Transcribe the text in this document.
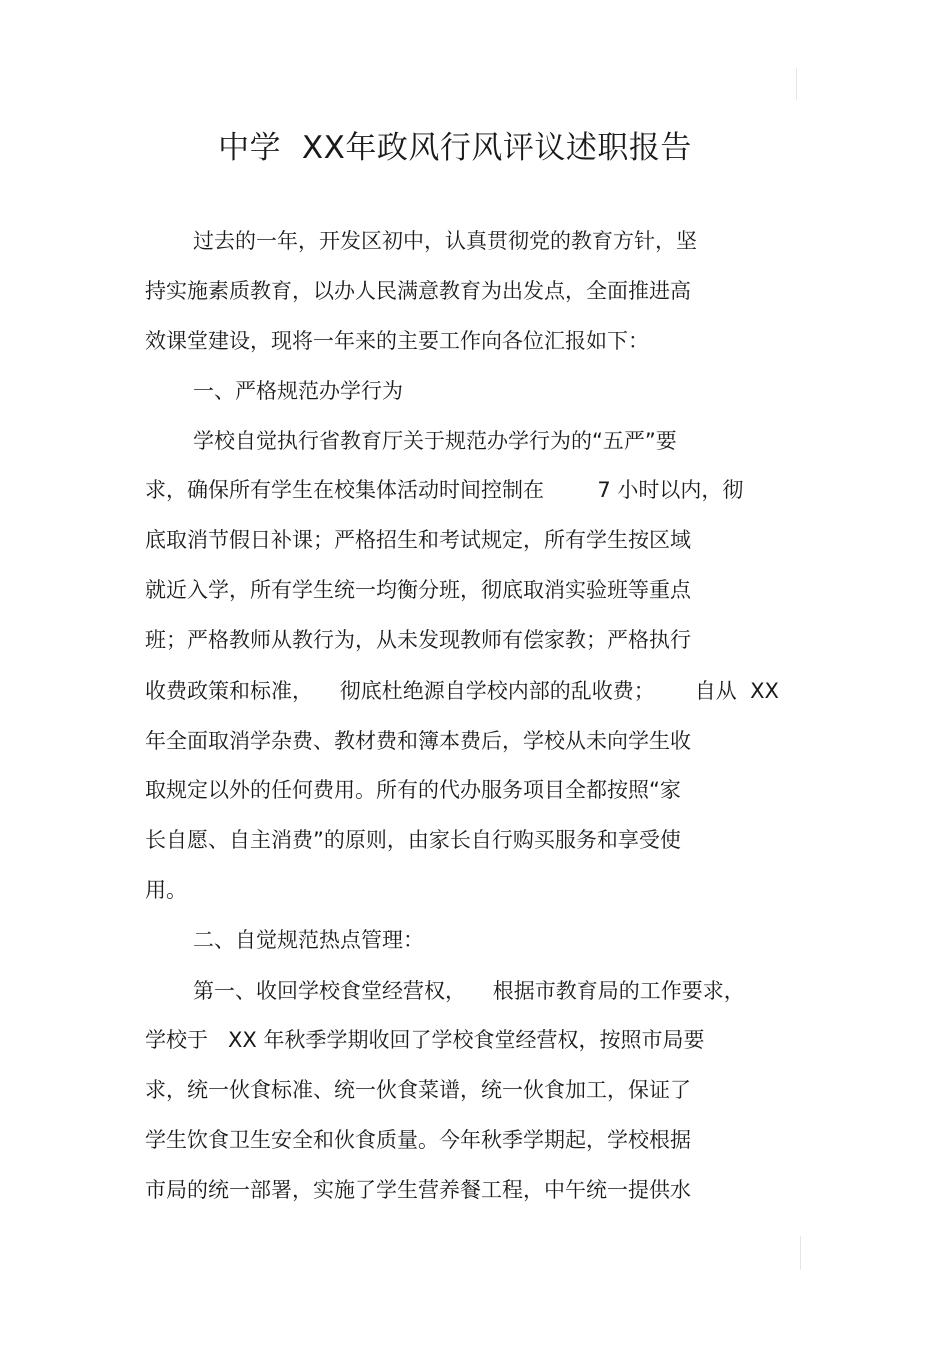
中学  XX年政风行风评议述职报告

过去的一年，开发区初中，认真贯彻党的教育方针，坚

持实施素质教育，以办人民满意教育为出发点，全面推进高

效课堂建设，现将一年来的主要工作向各位汇报如下：

一、严格规范办学行为

学校自觉执行省教育厅关于规范办学行为的“五严”要

求，确保所有学生在校集体活动时间控制在        7 小时以内，彻

底取消节假日补课；严格招生和考试规定，所有学生按区域

就近入学，所有学生统一均衡分班，彻底取消实验班等重点

班；严格教师从教行为，从未发现教师有偿家教；严格执行

收费政策和标准，    彻底杜绝源自学校内部的乱收费；      自从  XX

年全面取消学杂费、教材费和簿本费后，学校从未向学生收

取规定以外的任何费用。所有的代办服务项目全都按照“家

长自愿、自主消费”的原则，由家长自行购买服务和享受使

用。

二、自觉规范热点管理：

第一、收回学校食堂经营权，    根据市教育局的工作要求，

学校于   XX 年秋季学期收回了学校食堂经营权，按照市局要

求，统一伙食标准、统一伙食菜谱，统一伙食加工，保证了

学生饮食卫生安全和伙食质量。今年秋季学期起，学校根据

市局的统一部署，实施了学生营养餐工程，中午统一提供水
